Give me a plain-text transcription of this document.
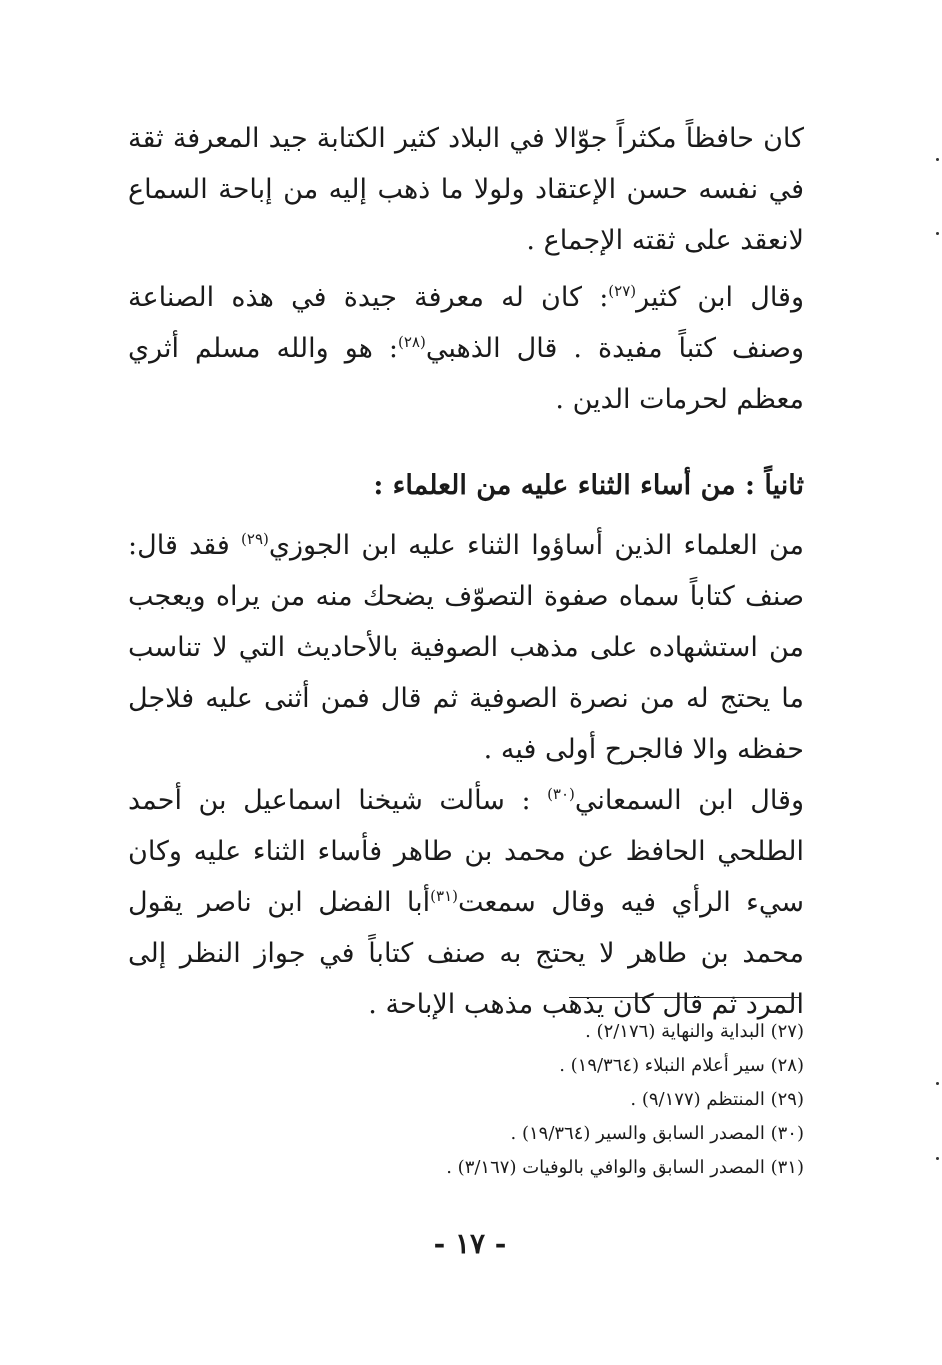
كان حافظاً مكثراً جوّالا في البلاد كثير الكتابة جيد المعرفة ثقة في نفسه حسن الإعتقاد ولولا ما ذهب إليه من إباحة السماع لانعقد على ثقته الإجماع .
وقال ابن كثير$^{(٢٧)}$: كان له معرفة جيدة في هذه الصناعة وصنف كتباً مفيدة . قال الذهبي$^{(٢٨)}$: هو والله مسلم أثري معظم لحرمات الدين .
ثانياً : من أساء الثناء عليه من العلماء :
من العلماء الذين أساؤوا الثناء عليه ابن الجوزي$^{(٢٩)}$ فقد قال: صنف كتاباً سماه صفوة التصوّف يضحك منه من يراه ويعجب من استشهاده على مذهب الصوفية بالأحاديث التي لا تناسب ما يحتج له من نصرة الصوفية ثم قال فمن أثنى عليه فلاجل حفظه والا فالجرح أولى فيه .
وقال ابن السمعاني$^{(٣٠)}$ : سألت شيخنا اسماعيل بن أحمد الطلحي الحافظ عن محمد بن طاهر فأساء الثناء عليه وكان سيء الرأي فيه وقال سمعت$^{(٣١)}$أبا الفضل ابن ناصر يقول محمد بن طاهر لا يحتج به صنف كتاباً في جواز النظر إلى المرد ثم قال كان يذهب مذهب الإباحة .
(٢٧) البداية والنهاية (٢/١٧٦) .
(٢٨) سير أعلام النبلاء (١٩/٣٦٤) .
(٢٩) المنتظم (٩/١٧٧) .
(٣٠) المصدر السابق والسير (١٩/٣٦٤) .
(٣١) المصدر السابق والوافي بالوفيات (٣/١٦٧) .
- ١٧ -
